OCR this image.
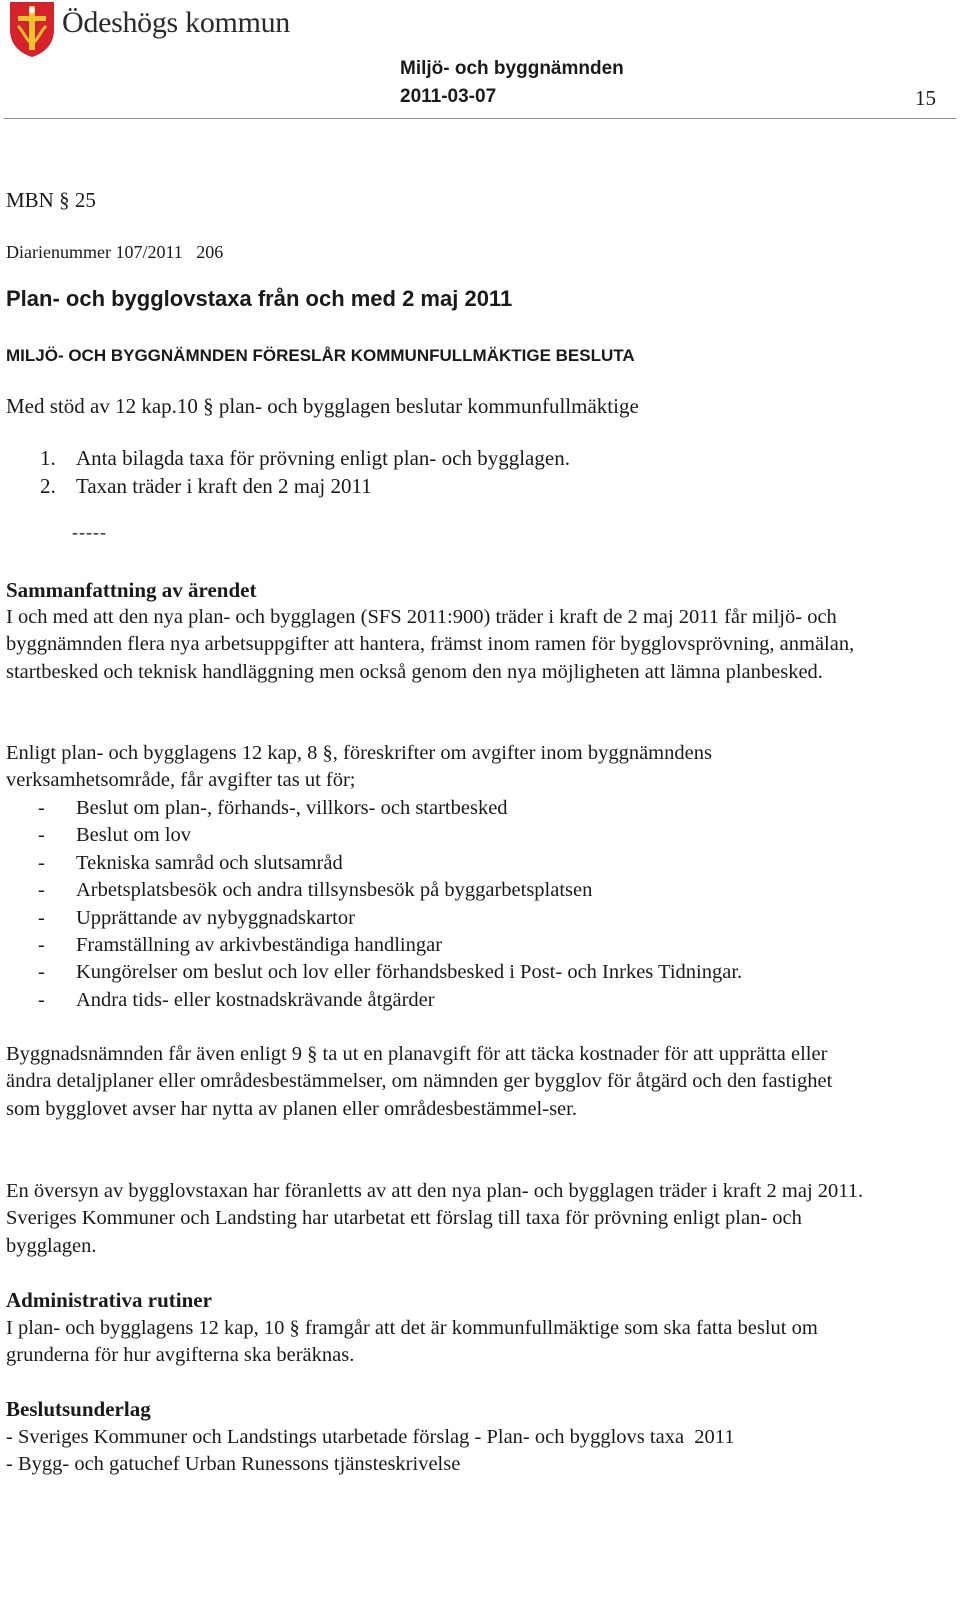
Ödeshögs kommun
Miljö- och byggnämnden
2011-03-07	15
MBN § 25
Diarienummer 107/2011   206
Plan- och bygglovstaxa från och med 2 maj 2011
MILJÖ- OCH BYGGNÄMNDEN FÖRESLÅR KOMMUNFULLMÄKTIGE BESLUTA
Med stöd av 12 kap.10 § plan- och bygglagen beslutar kommunfullmäktige
1. Anta bilagda taxa för prövning enligt plan- och bygglagen.
2. Taxan träder i kraft den 2 maj 2011
-----
Sammanfattning av ärendet
I och med att den nya plan- och bygglagen (SFS 2011:900) träder i kraft de 2 maj 2011 får miljö- och byggnämnden flera nya arbetsuppgifter att hantera, främst inom ramen för bygglovsprövning, anmälan, startbesked och teknisk handläggning men också genom den nya möjligheten att lämna planbesked.
Enligt plan- och bygglagens 12 kap, 8 §, föreskrifter om avgifter inom byggnämndens verksamhetsområde, får avgifter tas ut för;
- Beslut om plan-, förhands-, villkors- och startbesked
- Beslut om lov
- Tekniska samråd och slutsamråd
- Arbetsplatsbesök och andra tillsynsbesök på byggarbetsplatsen
- Upprättande av nybyggnadskartor
- Framställning av arkivbeständiga handlingar
- Kungörelser om beslut och lov eller förhandsbesked i Post- och Inrkes Tidningar.
- Andra tids- eller kostnadskrävande åtgärder
Byggnadsnämnden får även enligt 9 § ta ut en planavgift för att täcka kostnader för att upprätta eller ändra detaljplaner eller områdesbestämmelser, om nämnden ger bygglov för åtgärd och den fastighet som bygglovet avser har nytta av planen eller områdesbestämmel-ser.
En översyn av bygglovstaxan har föranletts av att den nya plan- och bygglagen träder i kraft 2 maj 2011. Sveriges Kommuner och Landsting har utarbetat ett förslag till taxa för prövning enligt plan- och bygglagen.
Administrativa rutiner
I plan- och bygglagens 12 kap, 10 § framgår att det är kommunfullmäktige som ska fatta beslut om grunderna för hur avgifterna ska beräknas.
Beslutsunderlag
- Sveriges Kommuner och Landstings utarbetade förslag - Plan- och bygglovs taxa  2011
- Bygg- och gatuchef Urban Runessons tjänsteskrivelse
